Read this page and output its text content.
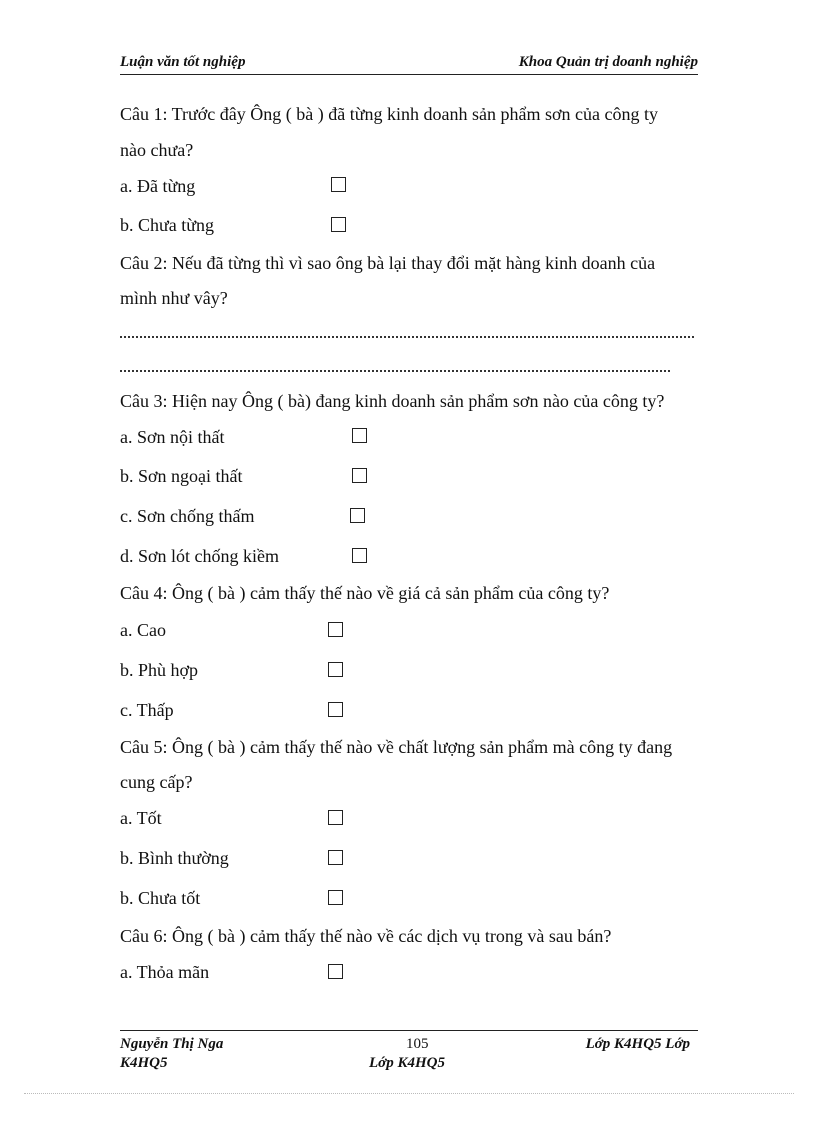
Luận văn tốt nghiệp	Khoa Quản trị doanh nghiệp
Câu 1: Trước đây Ông ( bà ) đã từng kinh doanh sản phẩm sơn của công ty
nào chưa?
a. Đã từng
b. Chưa từng
Câu 2: Nếu đã từng thì vì sao ông bà lại thay đổi mặt hàng kinh doanh của
mình như vây?
Câu 3: Hiện nay Ông ( bà) đang kinh doanh sản phẩm sơn nào của công ty?
a. Sơn nội thất
b. Sơn ngoại thất
c. Sơn chống thấm
d. Sơn lót chống kiềm
Câu 4: Ông ( bà ) cảm thấy thế nào về giá cả sản phẩm của công ty?
a. Cao
b. Phù hợp
c. Thấp
Câu 5: Ông ( bà ) cảm thấy thế nào về chất lượng sản phẩm mà công ty đang
cung cấp?
a. Tốt
b. Bình thường
b. Chưa tốt
Câu 6: Ông ( bà ) cảm thấy thế nào về các dịch vụ trong và sau bán?
a. Thỏa mãn
Nguyễn Thị Nga
K4HQ5
105
Lớp K4HQ5
Lớp K4HQ5 Lớp
